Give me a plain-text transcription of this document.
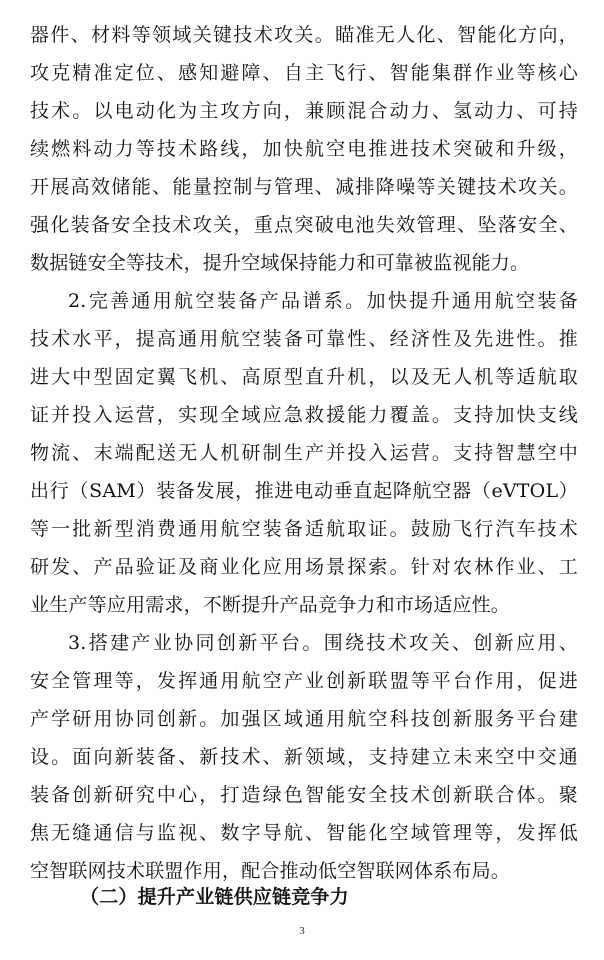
器件、材料等领域关键技术攻关。瞄准无人化、智能化方向，
攻克精准定位、感知避障、自主飞行、智能集群作业等核心
技术。以电动化为主攻方向，兼顾混合动力、氢动力、可持
续燃料动力等技术路线，加快航空电推进技术突破和升级，
开展高效储能、能量控制与管理、减排降噪等关键技术攻关。
强化装备安全技术攻关，重点突破电池失效管理、坠落安全、
数据链安全等技术，提升空域保持能力和可靠被监视能力。
2.完善通用航空装备产品谱系。加快提升通用航空装备
技术水平，提高通用航空装备可靠性、经济性及先进性。推
进大中型固定翼飞机、高原型直升机，以及无人机等适航取
证并投入运营，实现全域应急救援能力覆盖。支持加快支线
物流、末端配送无人机研制生产并投入运营。支持智慧空中
出行（SAM）装备发展，推进电动垂直起降航空器（eVTOL）
等一批新型消费通用航空装备适航取证。鼓励飞行汽车技术
研发、产品验证及商业化应用场景探索。针对农林作业、工
业生产等应用需求，不断提升产品竞争力和市场适应性。
3.搭建产业协同创新平台。围绕技术攻关、创新应用、
安全管理等，发挥通用航空产业创新联盟等平台作用，促进
产学研用协同创新。加强区域通用航空科技创新服务平台建
设。面向新装备、新技术、新领域，支持建立未来空中交通
装备创新研究中心，打造绿色智能安全技术创新联合体。聚
焦无缝通信与监视、数字导航、智能化空域管理等，发挥低
空智联网技术联盟作用，配合推动低空智联网体系布局。
（二）提升产业链供应链竞争力
3
